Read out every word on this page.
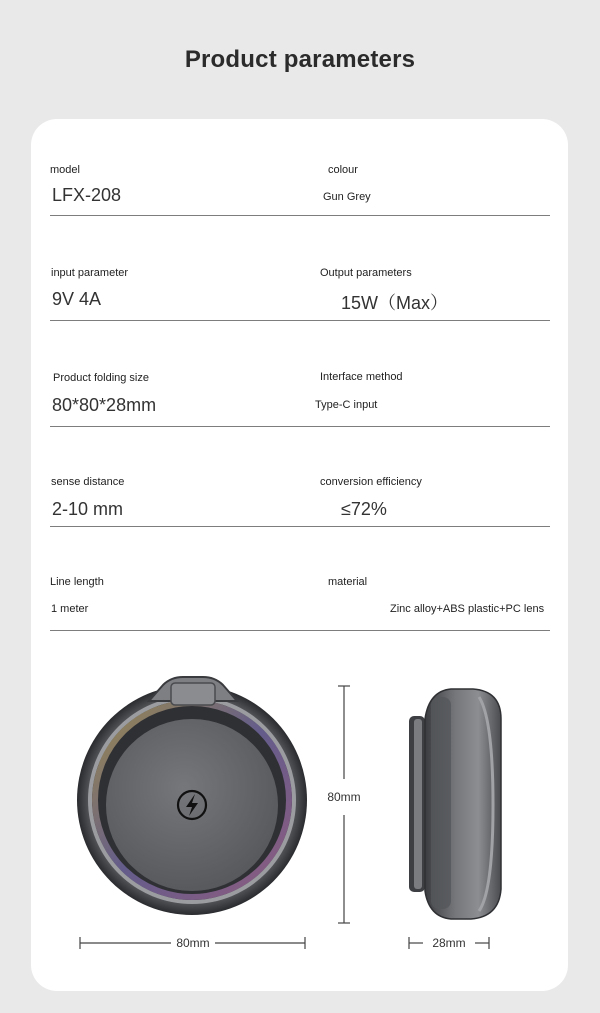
Product parameters
model
LFX-208
colour
Gun Grey
input parameter
9V 4A
Output parameters
15W（Max）
Product folding size
80*80*28mm
Interface method
Type-C input
sense distance
2-10 mm
conversion efficiency
≤72%
Line length
1 meter
material
Zinc alloy+ABS plastic+PC lens
80mm
80mm	28mm
